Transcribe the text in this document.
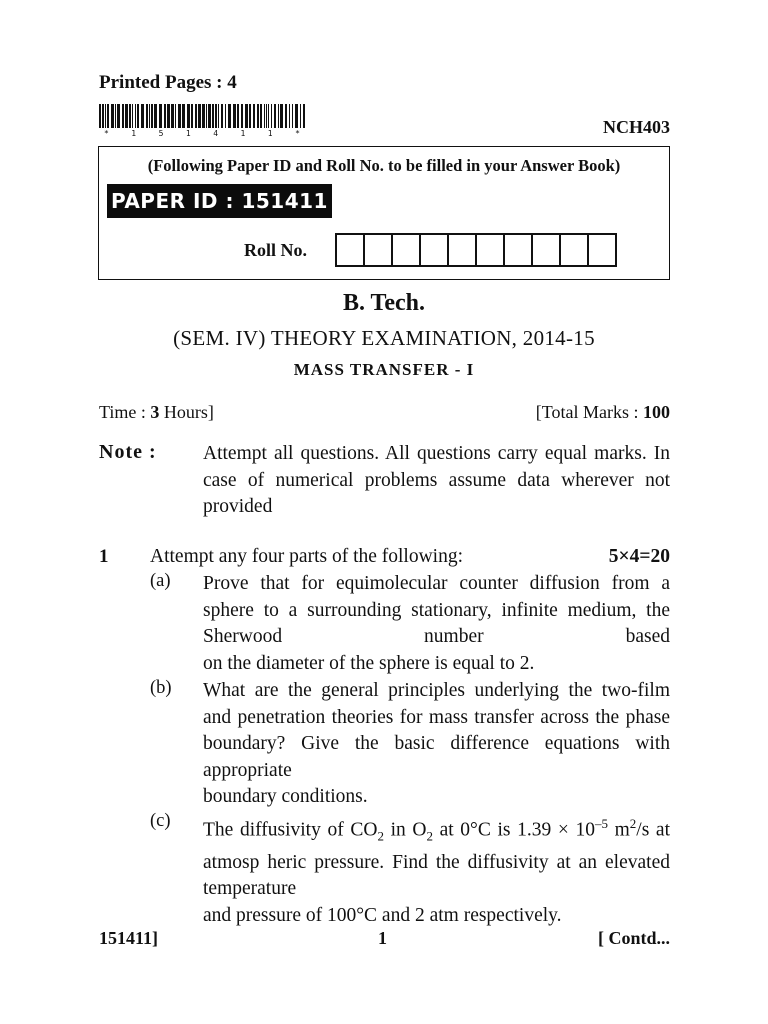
Printed Pages : 4
*	1	5	1	4	1	1	*	NCH403
(Following Paper ID and Roll No. to be filled in your Answer Book)
PAPER ID : 151411
Roll No.
B. Tech.
(SEM. IV) THEORY EXAMINATION, 2014-15
MASS TRANSFER - I
Time : 3 Hours]	[Total Marks : 100
Note : Attempt all questions. All questions carry equal marks. In case of numerical problems assume data wherever not provided
1 Attempt any four parts of the following:	5×4=20
(a) Prove that for equimolecular counter diffusion from a sphere to a surrounding stationary, infinite medium, the Sherwood number based
on the diameter of the sphere is equal to 2.
(b) What are the general principles underlying the two-film and penetration theories for mass transfer across the phase boundary? Give the basic difference equations with appropriate
boundary conditions.
(c) The diffusivity of $CO_2$ in $O_2$ at 0°C is $1.39 \times 10^{-5}$ $m^2/s$ at atmosp heric pressure. Find the diffusivity at an elevated temperature
and pressure of 100°C and 2 atm respectively.
151411]	1	[ Contd...
